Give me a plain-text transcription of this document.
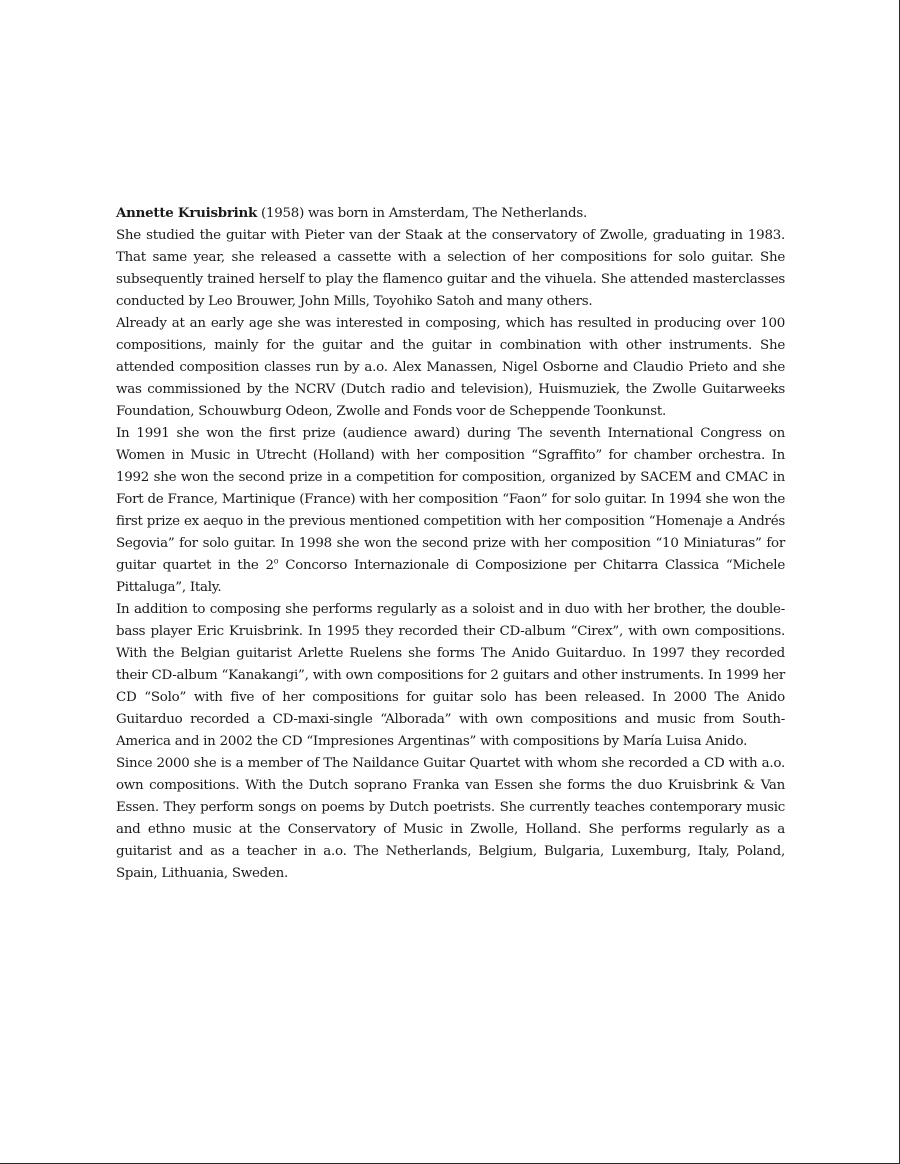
Annette Kruisbrink (1958) was born in Amsterdam, The Netherlands.

She studied the guitar with Pieter van der Staak at the conservatory of Zwolle, graduating in 1983. That same year, she released a cassette with a selection of her compositions for solo guitar. She subsequently trained herself to play the flamenco guitar and the vihuela. She attended masterclasses conducted by Leo Brouwer, John Mills, Toyohiko Satoh and many others.

Already at an early age she was interested in composing, which has resulted in producing over 100 compositions, mainly for the guitar and the guitar in combination with other instruments. She attended composition classes run by a.o. Alex Manassen, Nigel Osborne and Claudio Prieto and she was commissioned by the NCRV (Dutch radio and television), Huismuziek, the Zwolle Guitarweeks Foundation, Schouwburg Odeon, Zwolle and Fonds voor de Scheppende Toonkunst.

In 1991 she won the first prize (audience award) during The seventh International Congress on Women in Music in Utrecht (Holland) with her composition “Sgraffito” for chamber orchestra. In 1992 she won the second prize in a competition for composition, organized by SACEM and CMAC in Fort de France, Martinique (France) with her composition “Faon” for solo guitar. In 1994 she won the first prize ex aequo in the previous mentioned competition with her composition “Homenaje a Andrés Segovia” for solo guitar. In 1998 she won the second prize with her composition “10 Miniaturas” for guitar quartet in the 2$^o$ Concorso Internazionale di Composizione per Chitarra Classica “Michele Pittaluga”, Italy.

In addition to composing she performs regularly as a soloist and in duo with her brother, the double-bass player Eric Kruisbrink. In 1995 they recorded their CD-album “Cirex”, with own compositions. With the Belgian guitarist Arlette Ruelens she forms The Anido Guitarduo. In 1997 they recorded their CD-album “Kanakangi”, with own compositions for 2 guitars and other instruments. In 1999 her CD “Solo” with five of her compositions for guitar solo has been released. In 2000 The Anido Guitarduo recorded a CD-maxi-single “Alborada” with own compositions and music from South-America and in 2002 the CD “Impresiones Argentinas” with compositions by María Luisa Anido.

Since 2000 she is a member of The Naildance Guitar Quartet with whom she recorded a CD with a.o. own compositions. With the Dutch soprano Franka van Essen she forms the duo Kruisbrink & Van Essen. They perform songs on poems by Dutch poetrists. She currently teaches contemporary music and ethno music at the Conservatory of Music in Zwolle, Holland. She performs regularly as a guitarist and as a teacher in a.o. The Netherlands, Belgium, Bulgaria, Luxemburg, Italy, Poland, Spain, Lithuania, Sweden.
